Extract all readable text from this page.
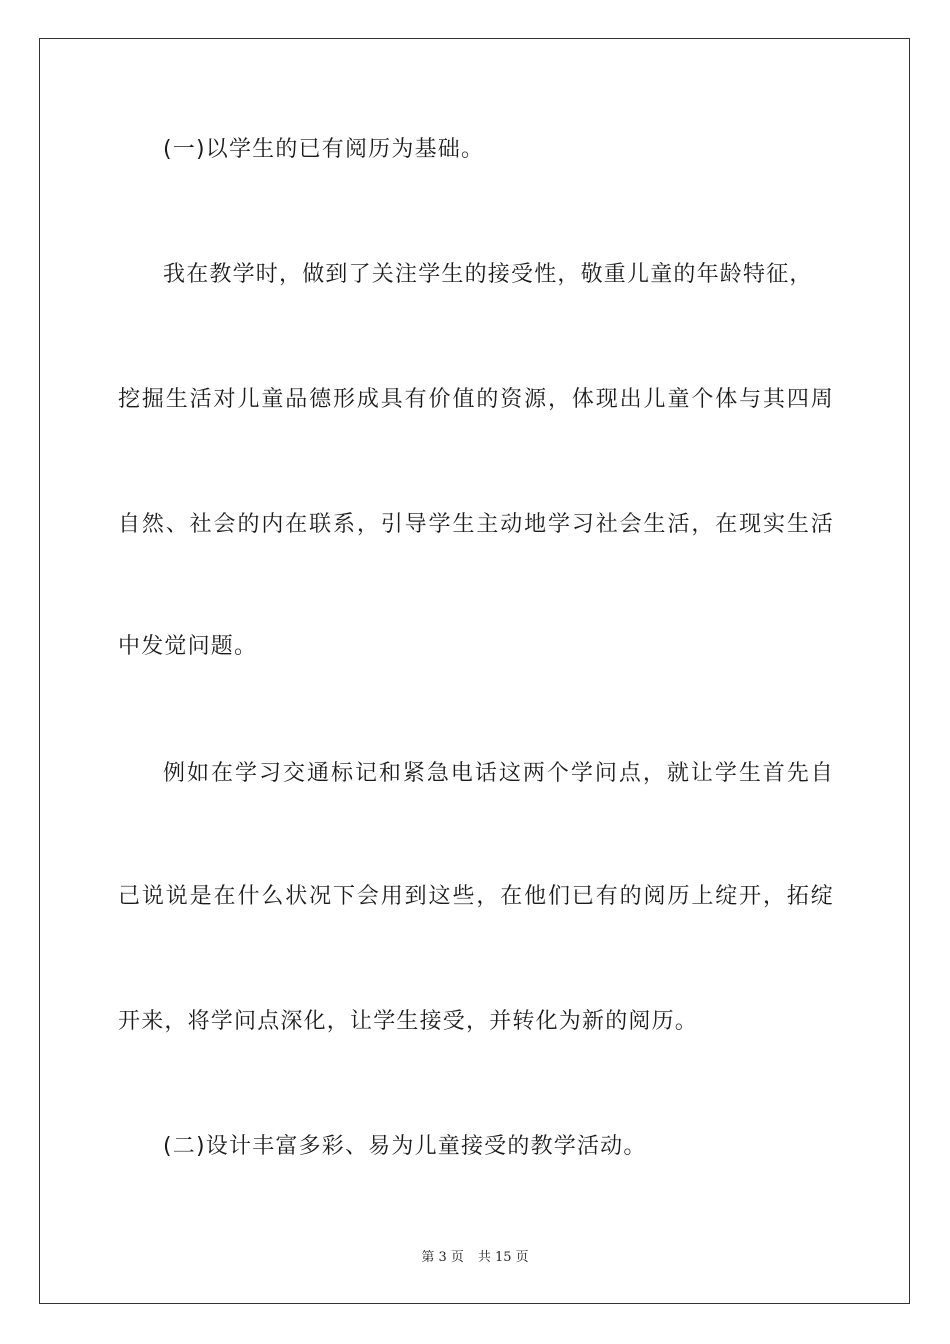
(一)以学生的已有阅历为基础。
我在教学时，做到了关注学生的接受性，敬重儿童的年龄特征，
挖掘生活对儿童品德形成具有价值的资源，体现出儿童个体与其四周
自然、社会的内在联系，引导学生主动地学习社会生活，在现实生活
中发觉问题。
例如在学习交通标记和紧急电话这两个学问点，就让学生首先自
己说说是在什么状况下会用到这些，在他们已有的阅历上绽开，拓绽
开来，将学问点深化，让学生接受，并转化为新的阅历。
(二)设计丰富多彩、易为儿童接受的教学活动。
第 3 页 共 15 页
